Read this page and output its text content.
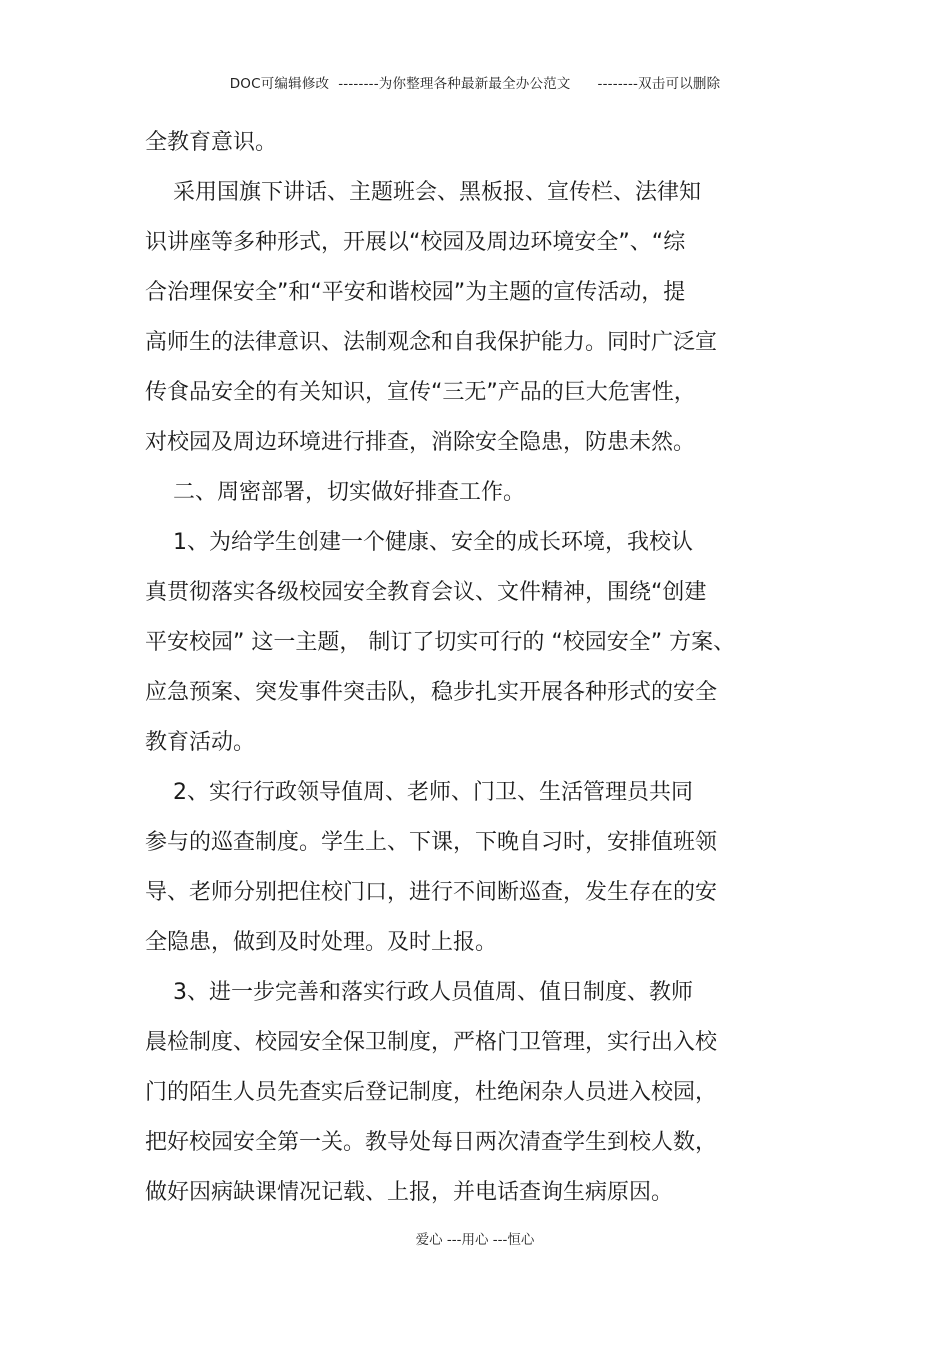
DOC可编辑修改  --------为你整理各种最新最全办公范文      --------双击可以删除
全教育意识。
采用国旗下讲话、主题班会、黑板报、宣传栏、法律知
识讲座等多种形式，开展以“校园及周边环境安全”、“综
合治理保安全”和“平安和谐校园”为主题的宣传活动，提
高师生的法律意识、法制观念和自我保护能力。同时广泛宣
传食品安全的有关知识，宣传“三无”产品的巨大危害性，
对校园及周边环境进行排查，消除安全隐患，防患未然。
二、周密部署，切实做好排查工作。
1、为给学生创建一个健康、安全的成长环境，我校认
真贯彻落实各级校园安全教育会议、文件精神，围绕“创建
平安校园” 这一主题， 制订了切实可行的 “校园安全” 方案、
应急预案、突发事件突击队，稳步扎实开展各种形式的安全
教育活动。
2、实行行政领导值周、老师、门卫、生活管理员共同
参与的巡查制度。学生上、下课，下晚自习时，安排值班领
导、老师分别把住校门口，进行不间断巡查，发生存在的安
全隐患，做到及时处理。及时上报。
3、进一步完善和落实行政人员值周、值日制度、教师
晨检制度、校园安全保卫制度，严格门卫管理，实行出入校
门的陌生人员先查实后登记制度，杜绝闲杂人员进入校园，
把好校园安全第一关。教导处每日两次清查学生到校人数，
做好因病缺课情况记载、上报，并电话查询生病原因。
爱心 ---用心 ---恒心
